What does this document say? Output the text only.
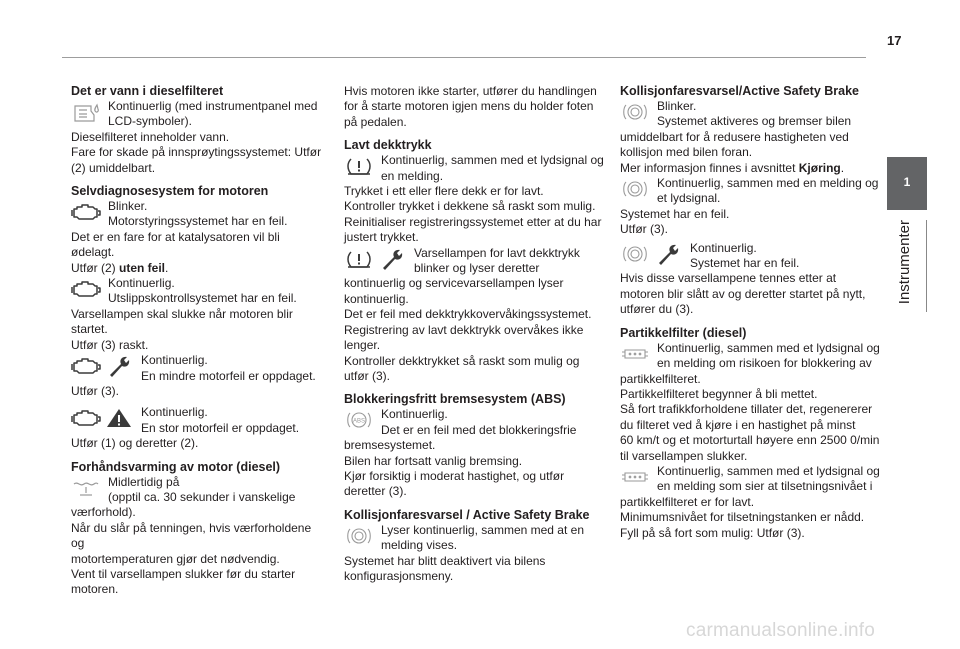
17
1
Instrumenter
Det er vann i dieselfilteret

Kontinuerlig (med instrumentpanel med

LCD-symboler).

Dieselfilteret inneholder vann.

Fare for skade på innsprøytingssystemet: Utfør

(2) umiddelbart.

Selvdiagnosesystem for motoren

Blinker.

Motorstyringssystemet har en feil.

Det er en fare for at katalysatoren vil bli ødelagt.

Utfør (2) uten feil.

Kontinuerlig.

Utslippskontrollsystemet har en feil.

Varsellampen skal slukke når motoren blir

startet.

Utfør (3) raskt.

Kontinuerlig.

En mindre motorfeil er oppdaget.

Utfør (3).

Kontinuerlig.

En stor motorfeil er oppdaget.

Utfør (1) og deretter (2).

Forhåndsvarming av motor (diesel)

Midlertidig på

(opptil ca. 30 sekunder i vanskelige

værforhold).

Når du slår på tenningen, hvis værforholdene og

motortemperaturen gjør det nødvendig.

Vent til varsellampen slukker før du starter

motoren.

Hvis motoren ikke starter, utfører du handlingen

for å starte motoren igjen mens du holder foten

på pedalen.

Lavt dekktrykk

Kontinuerlig, sammen med et lydsignal og

en melding.

Trykket i ett eller flere dekk er for lavt.

Kontroller trykket i dekkene så raskt som mulig.

Reinitialiser registreringssystemet etter at du har

justert trykket.

Varsellampen for lavt dekktrykk

blinker og lyser deretter

kontinuerlig og servicevarsellampen lyser

kontinuerlig.

Det er feil med dekktrykkovervåkingssystemet.

Registrering av lavt dekktrykk overvåkes ikke

lenger.

Kontroller dekktrykket så raskt som mulig og

utfør (3).

Blokkeringsfritt bremsesystem (ABS)

Kontinuerlig.

Det er en feil med det blokkeringsfrie

bremsesystemet.

Bilen har fortsatt vanlig bremsing.

Kjør forsiktig i moderat hastighet, og utfør

deretter (3).

Kollisjonfaresvarsel / Active Safety Brake

Lyser kontinuerlig, sammen med at en

melding vises.

Systemet har blitt deaktivert via bilens

konfigurasjonsmeny.

Kollisjonfaresvarsel/Active Safety Brake

Blinker.

Systemet aktiveres og bremser bilen

umiddelbart for å redusere hastigheten ved

kollisjon med bilen foran.

Mer informasjon finnes i avsnittet Kjøring.

Kontinuerlig, sammen med en melding og

et lydsignal.

Systemet har en feil.

Utfør (3).

Kontinuerlig.

Systemet har en feil.

Hvis disse varsellampene tennes etter at

motoren blir slått av og deretter startet på nytt,

utfører du (3).

Partikkelfilter (diesel)

Kontinuerlig, sammen med et lydsignal og

en melding om risikoen for blokkering av

partikkelfilteret.

Partikkelfilteret begynner å bli mettet.

Så fort trafikkforholdene tillater det, regenererer

du filteret ved å kjøre i en hastighet på minst

60 km/t og et motorturtall høyere enn 2500 0/min

til varsellampen slukker.

Kontinuerlig, sammen med et lydsignal og

en melding som sier at tilsetningsnivået i

partikkelfilteret er for lavt.

Minimumsnivået for tilsetningstanken er nådd.

Fyll på så fort som mulig: Utfør (3).

carmanualsonline.info
